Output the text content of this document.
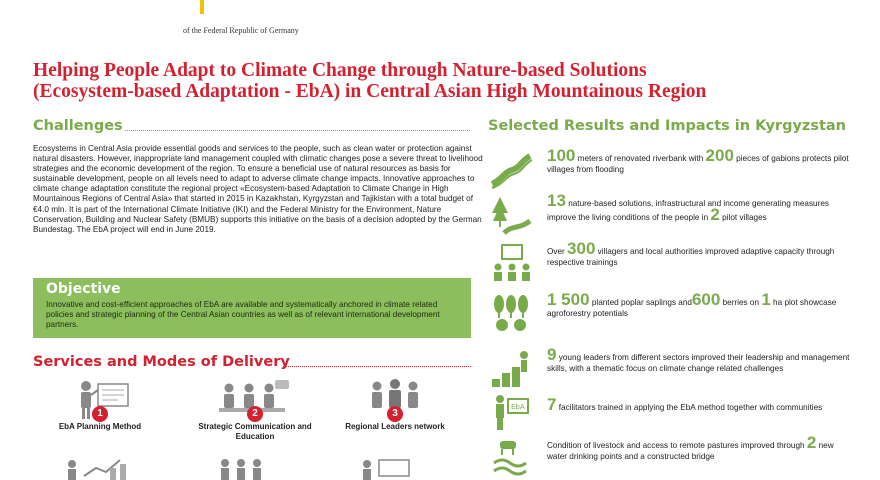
of the Federal Republic of Germany
Helping People Adapt to Climate Change through Nature-based Solutions
(Ecosystem-based Adaptation - EbA) in Central Asian High Mountainous Region
Challenges

Ecosystems in Central Asia provide essential goods and services to the people, such as clean water or protection against natural disasters. However, inappropriate land management coupled with climatic changes pose a severe threat to livelihood strategies and the economic development of the region. To ensure a beneficial use of natural resources as basis for sustainable development, people on all levels need to adapt to adverse climate change impacts. Innovative approaches to climate change adaptation constitute the regional project «Ecosystem-based Adaptation to Climate Change in High Mountainous Regions of Central Asia» that started in 2015 in Kazakhstan, Kyrgyzstan and Tajikistan with a total budget of €4.0 mln. It is part of the International Climate Initiative (IKI) and the Federal Ministry for the Environment, Nature Conservation, Building and Nuclear Safety (BMUB) supports this initiative on the basis of a decision adopted by the German Bundestag. The EbA project will end in June 2019.

Objective

Innovative and cost-efficient approaches of EbA are available and systematically anchored in climate related policies and strategic planning of the Central Asian countries as well as of relevant international development partners.

Services and Modes of Delivery
1
EbA Planning Method
2
Strategic Communication and Education
3
Regional Leaders network
Selected Results and Impacts in Kyrgyzstan
100 meters of renovated riverbank with 200 pieces of gabions protects pilot villages from flooding
13 nature-based solutions, infrastructural and income generating measures improve the living conditions of the people in 2 pilot villages
Over 300 villagers and local authorities improved adaptive capacity through respective trainings
1 500 planted poplar saplings and600 berries on 1 ha plot showcase agroforestry potentials
9 young leaders from different sectors improved their leadership and management skills, with a thematic focus on climate change related challenges
EbA 7 facilitators trained in applying the EbA method together with communities
Condition of livestock and access to remote pastures improved through 2 new water drinking points and a constructed bridge
